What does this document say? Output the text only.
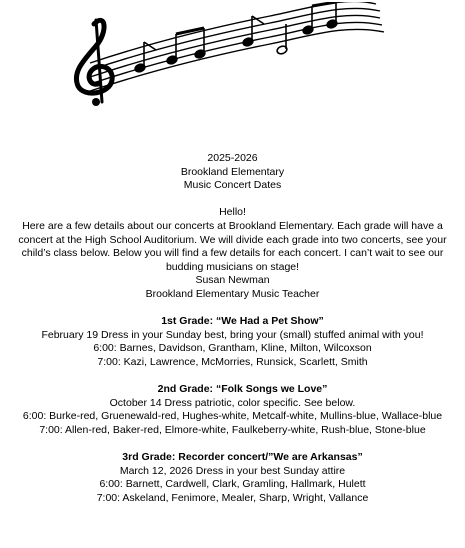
2025-2026
Brookland Elementary
Music Concert Dates
Hello!
Here are a few details about our concerts at Brookland Elementary. Each grade will have a
concert at the High School Auditorium. We will divide each grade into two concerts, see your
child’s class below. Below you will find a few details for each concert. I can’t wait to see our
budding musicians on stage!
Susan Newman
Brookland Elementary Music Teacher
1st Grade: “We Had a Pet Show”
February 19 Dress in your Sunday best, bring your (small) stuffed animal with you!
6:00: Barnes, Davidson, Grantham, Kline, Milton, Wilcoxson
7:00: Kazi, Lawrence, McMorries, Runsick, Scarlett, Smith
2nd Grade: “Folk Songs we Love”
October 14 Dress patriotic, color specific. See below.
6:00: Burke-red, Gruenewald-red, Hughes-white, Metcalf-white, Mullins-blue, Wallace-blue
7:00: Allen-red, Baker-red, Elmore-white, Faulkeberry-white, Rush-blue, Stone-blue
3rd Grade: Recorder concert/”We are Arkansas”
March 12, 2026 Dress in your best Sunday attire
6:00: Barnett, Cardwell, Clark, Gramling, Hallmark, Hulett
7:00: Askeland, Fenimore, Mealer, Sharp, Wright, Vallance
